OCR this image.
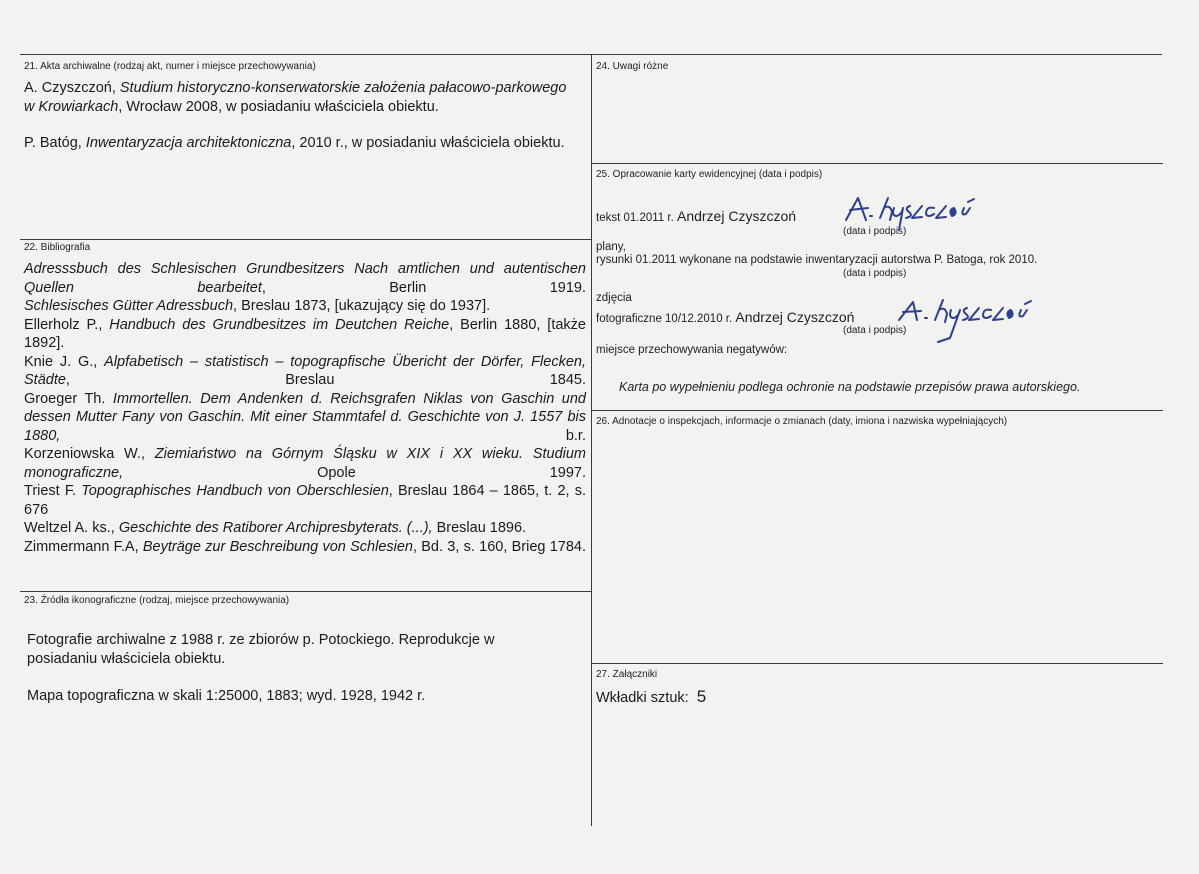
21. Akta archiwalne (rodzaj akt, numer i miejsce przechowywania)
A. Czyszczoń, Studium historyczno-konserwatorskie założenia pałacowo-parkowego w Krowiarkach, Wrocław 2008, w posiadaniu właściciela obiektu.
P. Batóg, Inwentaryzacja architektoniczna, 2010 r., w posiadaniu właściciela obiektu.
22. Bibliografia

Adresssbuch des Schlesischen Grundbesitzers Nach amtlichen und autentischen Quellen bearbeitet, Berlin 1919.

Schlesisches Gütter Adressbuch, Breslau 1873, [ukazujący się do 1937].

Ellerholz P., Handbuch des Grundbesitzes im Deutchen Reiche, Berlin 1880, [także 1892].

Knie J. G., Alpfabetisch – statistisch – topograpfische Übericht der Dörfer, Flecken, Städte, Breslau 1845.

Groeger Th. Immortellen. Dem Andenken d. Reichsgrafen Niklas von Gaschin und dessen Mutter Fany von Gaschin. Mit einer Stammtafel d. Geschichte von J. 1557 bis 1880, b.r.

Korzeniowska W., Ziemiaństwo na Górnym Śląsku w XIX i XX wieku. Studium monograficzne, Opole 1997.

Triest F. Topographisches Handbuch von Oberschlesien, Breslau 1864 – 1865, t. 2, s. 676

Weltzel A. ks., Geschichte des Ratiborer Archipresbyterats. (...), Breslau 1896.

Zimmermann F.A, Beytrӓge zur Beschreibung von Schlesien, Bd. 3, s. 160, Brieg 1784.

23. Źródła ikonograficzne (rodzaj, miejsce przechowywania)
Fotografie archiwalne z 1988 r. ze zbiorów p. Potockiego. Reprodukcje w posiadaniu właściciela obiektu.
Mapa topograficzna w skali 1:25000, 1883; wyd. 1928, 1942 r.
24. Uwagi różne
25. Opracowanie karty ewidencyjnej (data i podpis)
tekst 01.2011 r. Andrzej Czyszczoń
(data i podpis)
plany,
rysunki 01.2011 wykonane na podstawie inwentaryzacji autorstwa P. Batoga, rok 2010.
(data i podpis)
zdjęcia
fotograficzne 10/12.2010 r. Andrzej Czyszczoń
(data i podpis)
miejsce przechowywania negatywów:
Karta po wypełnieniu podlega ochronie na podstawie przepisów prawa autorskiego.
26. Adnotacje o inspekcjach, informacje o zmianach (daty, imiona i nazwiska wypełniających)
27. Załączniki
Wkładki sztuk: 5
